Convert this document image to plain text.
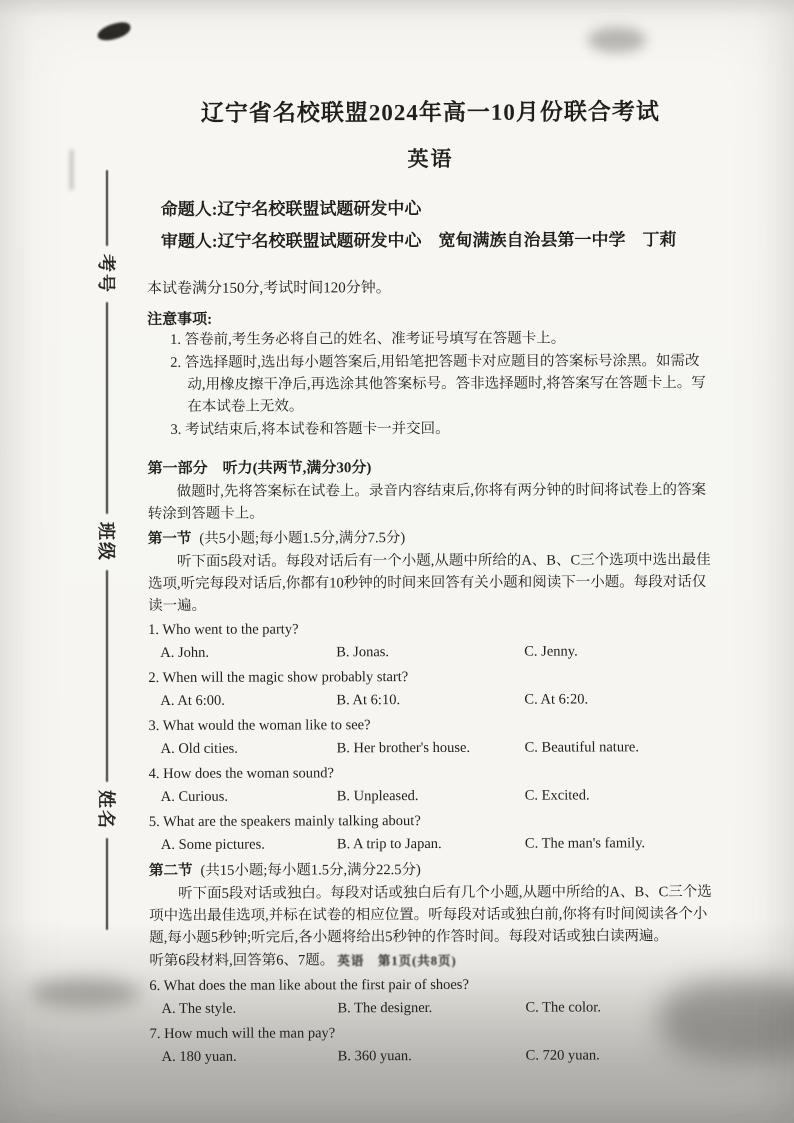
考号
班级
姓名
辽宁省名校联盟2024年高一10月份联合考试
英语
命题人:辽宁名校联盟试题研发中心
审题人:辽宁名校联盟试题研发中心　宽甸满族自治县第一中学　丁莉
本试卷满分150分,考试时间120分钟。
注意事项:
1. 答卷前,考生务必将自己的姓名、准考证号填写在答题卡上。
2. 答选择题时,选出每小题答案后,用铅笔把答题卡对应题目的答案标号涂黑。如需改动,用橡皮擦干净后,再选涂其他答案标号。答非选择题时,将答案写在答题卡上。写在本试卷上无效。
3. 考试结束后,将本试卷和答题卡一并交回。
第一部分　听力(共两节,满分30分)
做题时,先将答案标在试卷上。录音内容结束后,你将有两分钟的时间将试卷上的答案转涂到答题卡上。
第一节 (共5小题;每小题1.5分,满分7.5分)
听下面5段对话。每段对话后有一个小题,从题中所给的A、B、C三个选项中选出最佳选项,听完每段对话后,你都有10秒钟的时间来回答有关小题和阅读下一小题。每段对话仅读一遍。
1. Who went to the party?
A. John.	B. Jonas.	C. Jenny.
2. When will the magic show probably start?
A. At 6:00.	B. At 6:10.	C. At 6:20.
3. What would the woman like to see?
A. Old cities.	B. Her brother's house.	C. Beautiful nature.
4. How does the woman sound?
A. Curious.	B. Unpleased.	C. Excited.
5. What are the speakers mainly talking about?
A. Some pictures.	B. A trip to Japan.	C. The man's family.
第二节 (共15小题;每小题1.5分,满分22.5分)
听下面5段对话或独白。每段对话或独白后有几个小题,从题中所给的A、B、C三个选项中选出最佳选项,并标在试卷的相应位置。听每段对话或独白前,你将有时间阅读各个小题,每小题5秒钟;听完后,各小题将给出5秒钟的作答时间。每段对话或独白读两遍。
听第6段材料,回答第6、7题。
6. What does the man like about the first pair of shoes?
A. The style.	B. The designer.	C. The color.
7. How much will the man pay?
A. 180 yuan.	B. 360 yuan.	C. 720 yuan.
英语　第1页(共8页)
